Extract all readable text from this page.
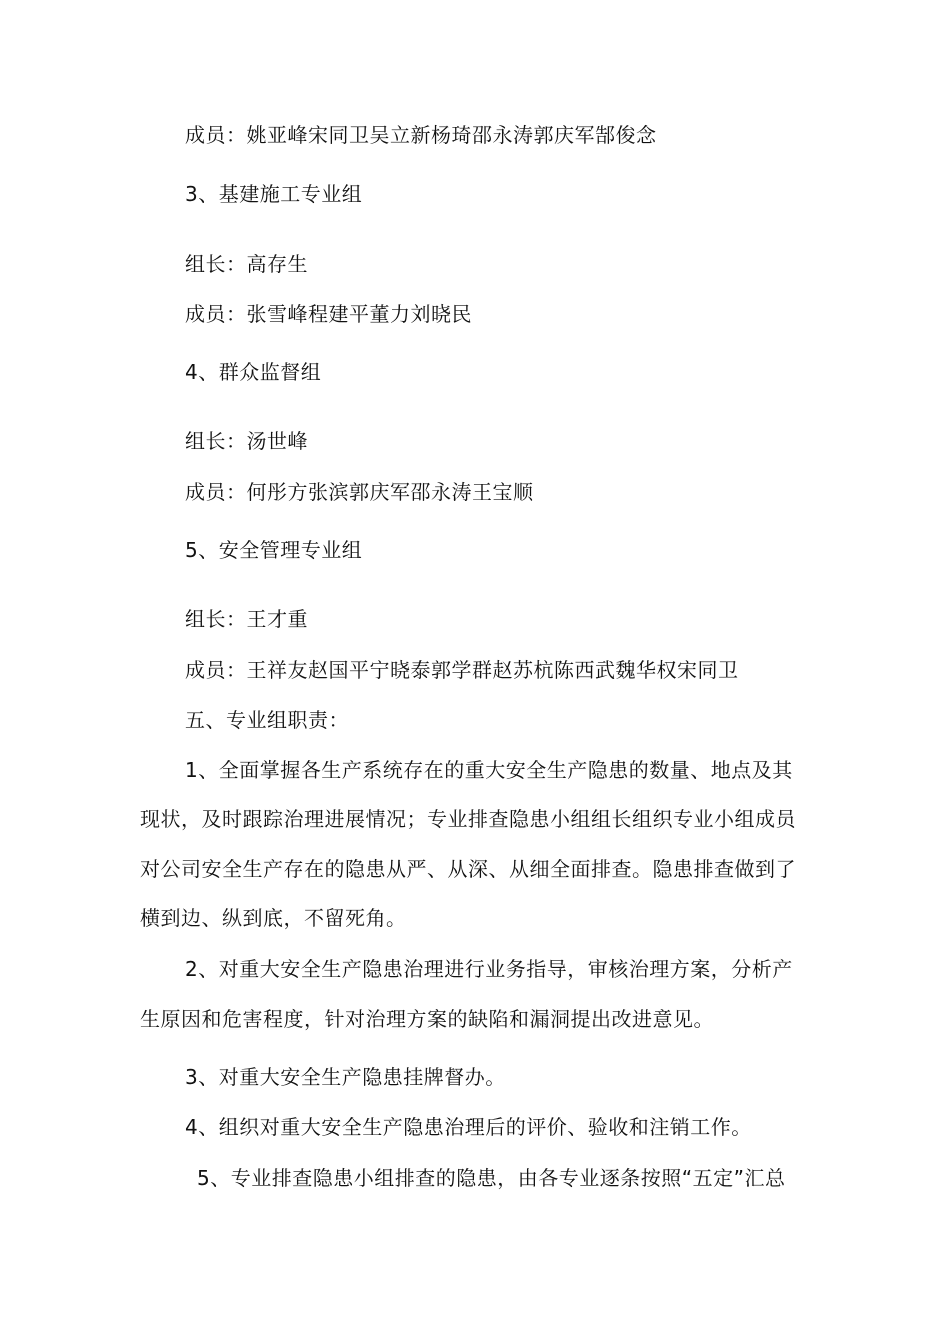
成员：姚亚峰宋同卫吴立新杨琦邵永涛郭庆军郜俊念
3、基建施工专业组
组长：高存生
成员：张雪峰程建平董力刘晓民
4、群众监督组
组长：汤世峰
成员：何彤方张滨郭庆军邵永涛王宝顺
5、安全管理专业组
组长：王才重
成员：王祥友赵国平宁晓泰郭学群赵苏杭陈西武魏华权宋同卫
五、专业组职责：
1、全面掌握各生产系统存在的重大安全生产隐患的数量、地点及其
现状，及时跟踪治理进展情况；专业排查隐患小组组长组织专业小组成员
对公司安全生产存在的隐患从严、从深、从细全面排查。隐患排查做到了
横到边、纵到底，不留死角。
2、对重大安全生产隐患治理进行业务指导，审核治理方案，分析产
生原因和危害程度，针对治理方案的缺陷和漏洞提出改进意见。
3、对重大安全生产隐患挂牌督办。
4、组织对重大安全生产隐患治理后的评价、验收和注销工作。
5、专业排查隐患小组排查的隐患，由各专业逐条按照“五定”汇总
